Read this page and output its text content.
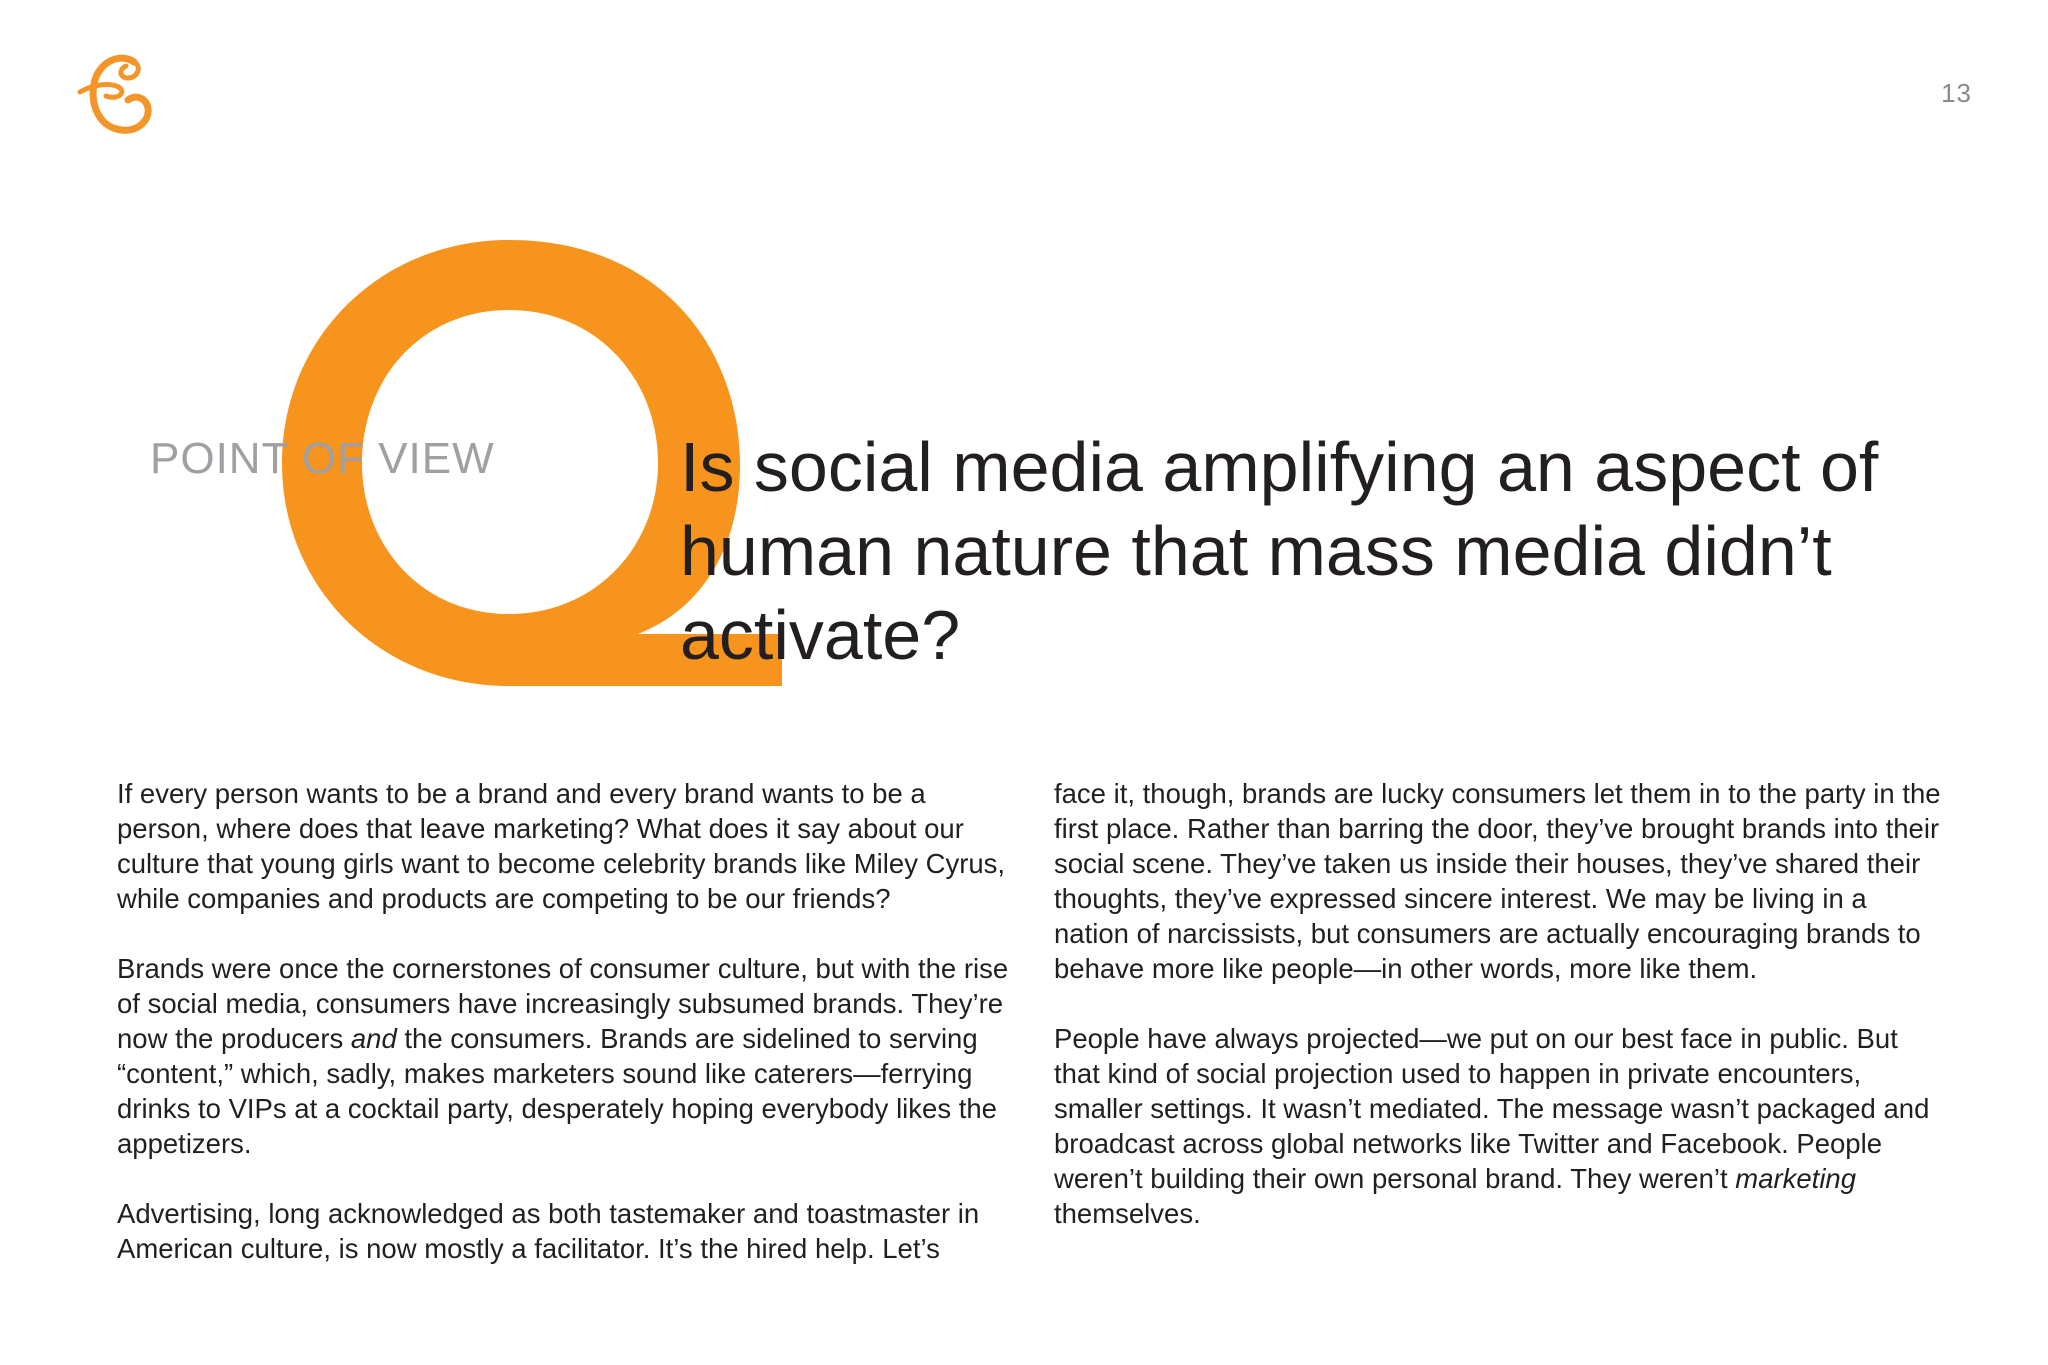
13
POINT OF VIEW	Is social media amplifying an aspect of human nature that mass media didn’t activate?

If every person wants to be a brand and every brand wants to be a person, where does that leave marketing? What does it say about our culture that young girls want to become celebrity brands like Miley Cyrus, while companies and products are competing to be our friends?

Brands were once the cornerstones of consumer culture, but with the rise of social media, consumers have increasingly subsumed brands. They’re now the producers and the consumers. Brands are sidelined to serving “content,” which, sadly, makes marketers sound like caterers—ferrying drinks to VIPs at a cocktail party, desperately hoping everybody likes the appetizers.

Advertising, long acknowledged as both tastemaker and toastmaster in American culture, is now mostly a facilitator. It’s the hired help. Let’s

face it, though, brands are lucky consumers let them in to the party in the first place. Rather than barring the door, they’ve brought brands into their social scene. They’ve taken us inside their houses, they’ve shared their thoughts, they’ve expressed sincere interest. We may be living in a nation of narcissists, but consumers are actually encouraging brands to behave more like people—in other words, more like them.

People have always projected—we put on our best face in public. But that kind of social projection used to happen in private encounters, smaller settings. It wasn’t mediated. The message wasn’t packaged and broadcast across global networks like Twitter and Facebook. People weren’t building their own personal brand. They weren’t marketing themselves.
